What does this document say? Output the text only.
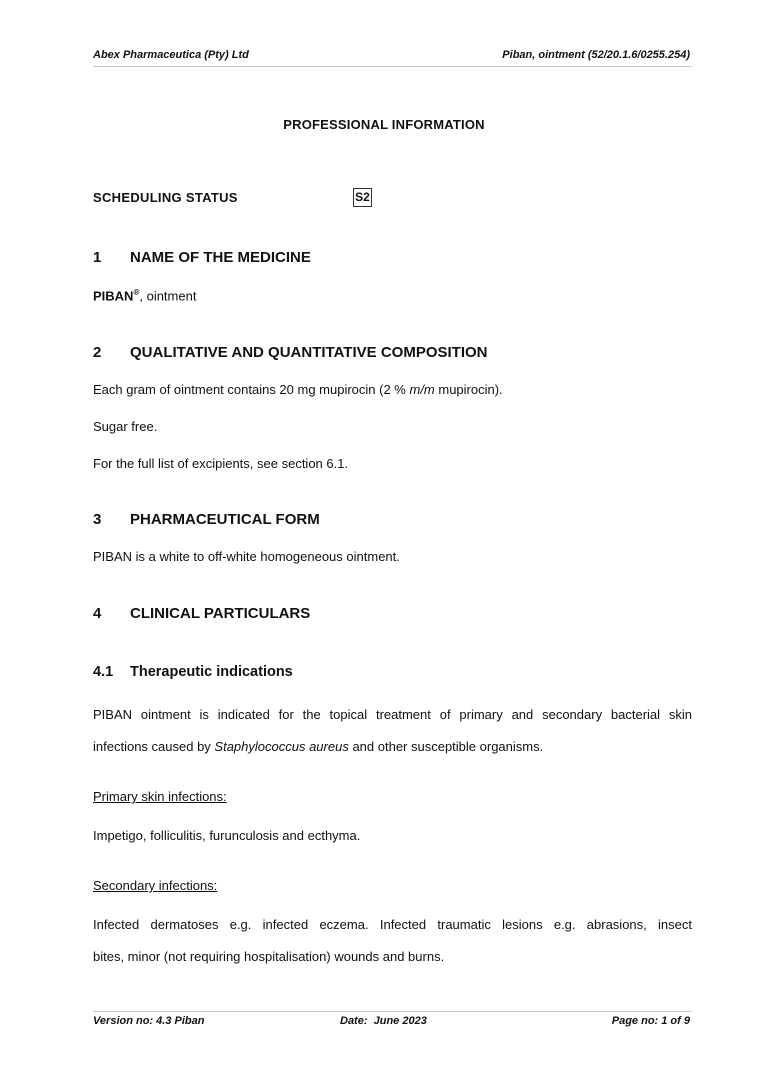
Abex Pharmaceutica (Pty) Ltd	Piban, ointment (52/20.1.6/0255.254)
PROFESSIONAL INFORMATION
SCHEDULING STATUS	S2
1 NAME OF THE MEDICINE
PIBAN®, ointment
2 QUALITATIVE AND QUANTITATIVE COMPOSITION
Each gram of ointment contains 20 mg mupirocin (2 % m/m mupirocin).
Sugar free.
For the full list of excipients, see section 6.1.
3 PHARMACEUTICAL FORM
PIBAN is a white to off-white homogeneous ointment.
4 CLINICAL PARTICULARS
4.1 Therapeutic indications
PIBAN ointment is indicated for the topical treatment of primary and secondary bacterial skin
infections caused by Staphylococcus aureus and other susceptible organisms.
Primary skin infections:
Impetigo, folliculitis, furunculosis and ecthyma.
Secondary infections:
Infected dermatoses e.g. infected eczema. Infected traumatic lesions e.g. abrasions, insect
bites, minor (not requiring hospitalisation) wounds and burns.
Version no: 4.3 Piban	Date:  June 2023	Page no: 1 of 9
